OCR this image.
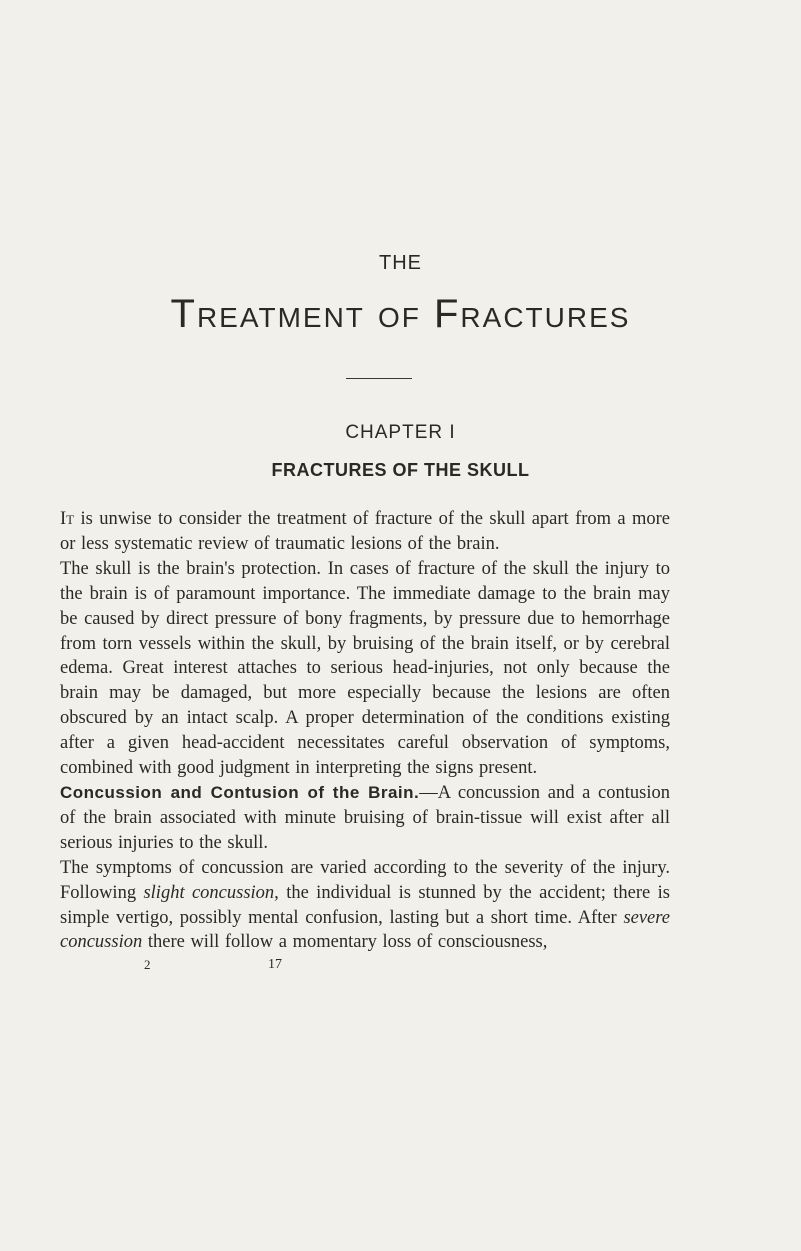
THE
Treatment of Fractures
CHAPTER I
FRACTURES OF THE SKULL

It is unwise to consider the treatment of fracture of the skull apart from a more or less systematic review of traumatic lesions of the brain.

The skull is the brain's protection. In cases of fracture of the skull the injury to the brain is of paramount importance. The immediate damage to the brain may be caused by direct pressure of bony fragments, by pressure due to hemorrhage from torn vessels within the skull, by bruising of the brain itself, or by cerebral edema. Great interest attaches to serious head-injuries, not only because the brain may be damaged, but more especially because the lesions are often obscured by an intact scalp. A proper determination of the conditions existing after a given head-accident necessitates careful observation of symptoms, combined with good judgment in interpreting the signs present.

Concussion and Contusion of the Brain.—A concussion and a contusion of the brain associated with minute bruising of brain-tissue will exist after all serious injuries to the skull.

The symptoms of concussion are varied according to the severity of the injury. Following slight concussion, the individual is stunned by the accident; there is simple vertigo, possibly mental confusion, lasting but a short time. After severe concussion there will follow a momentary loss of consciousness,

2	17
